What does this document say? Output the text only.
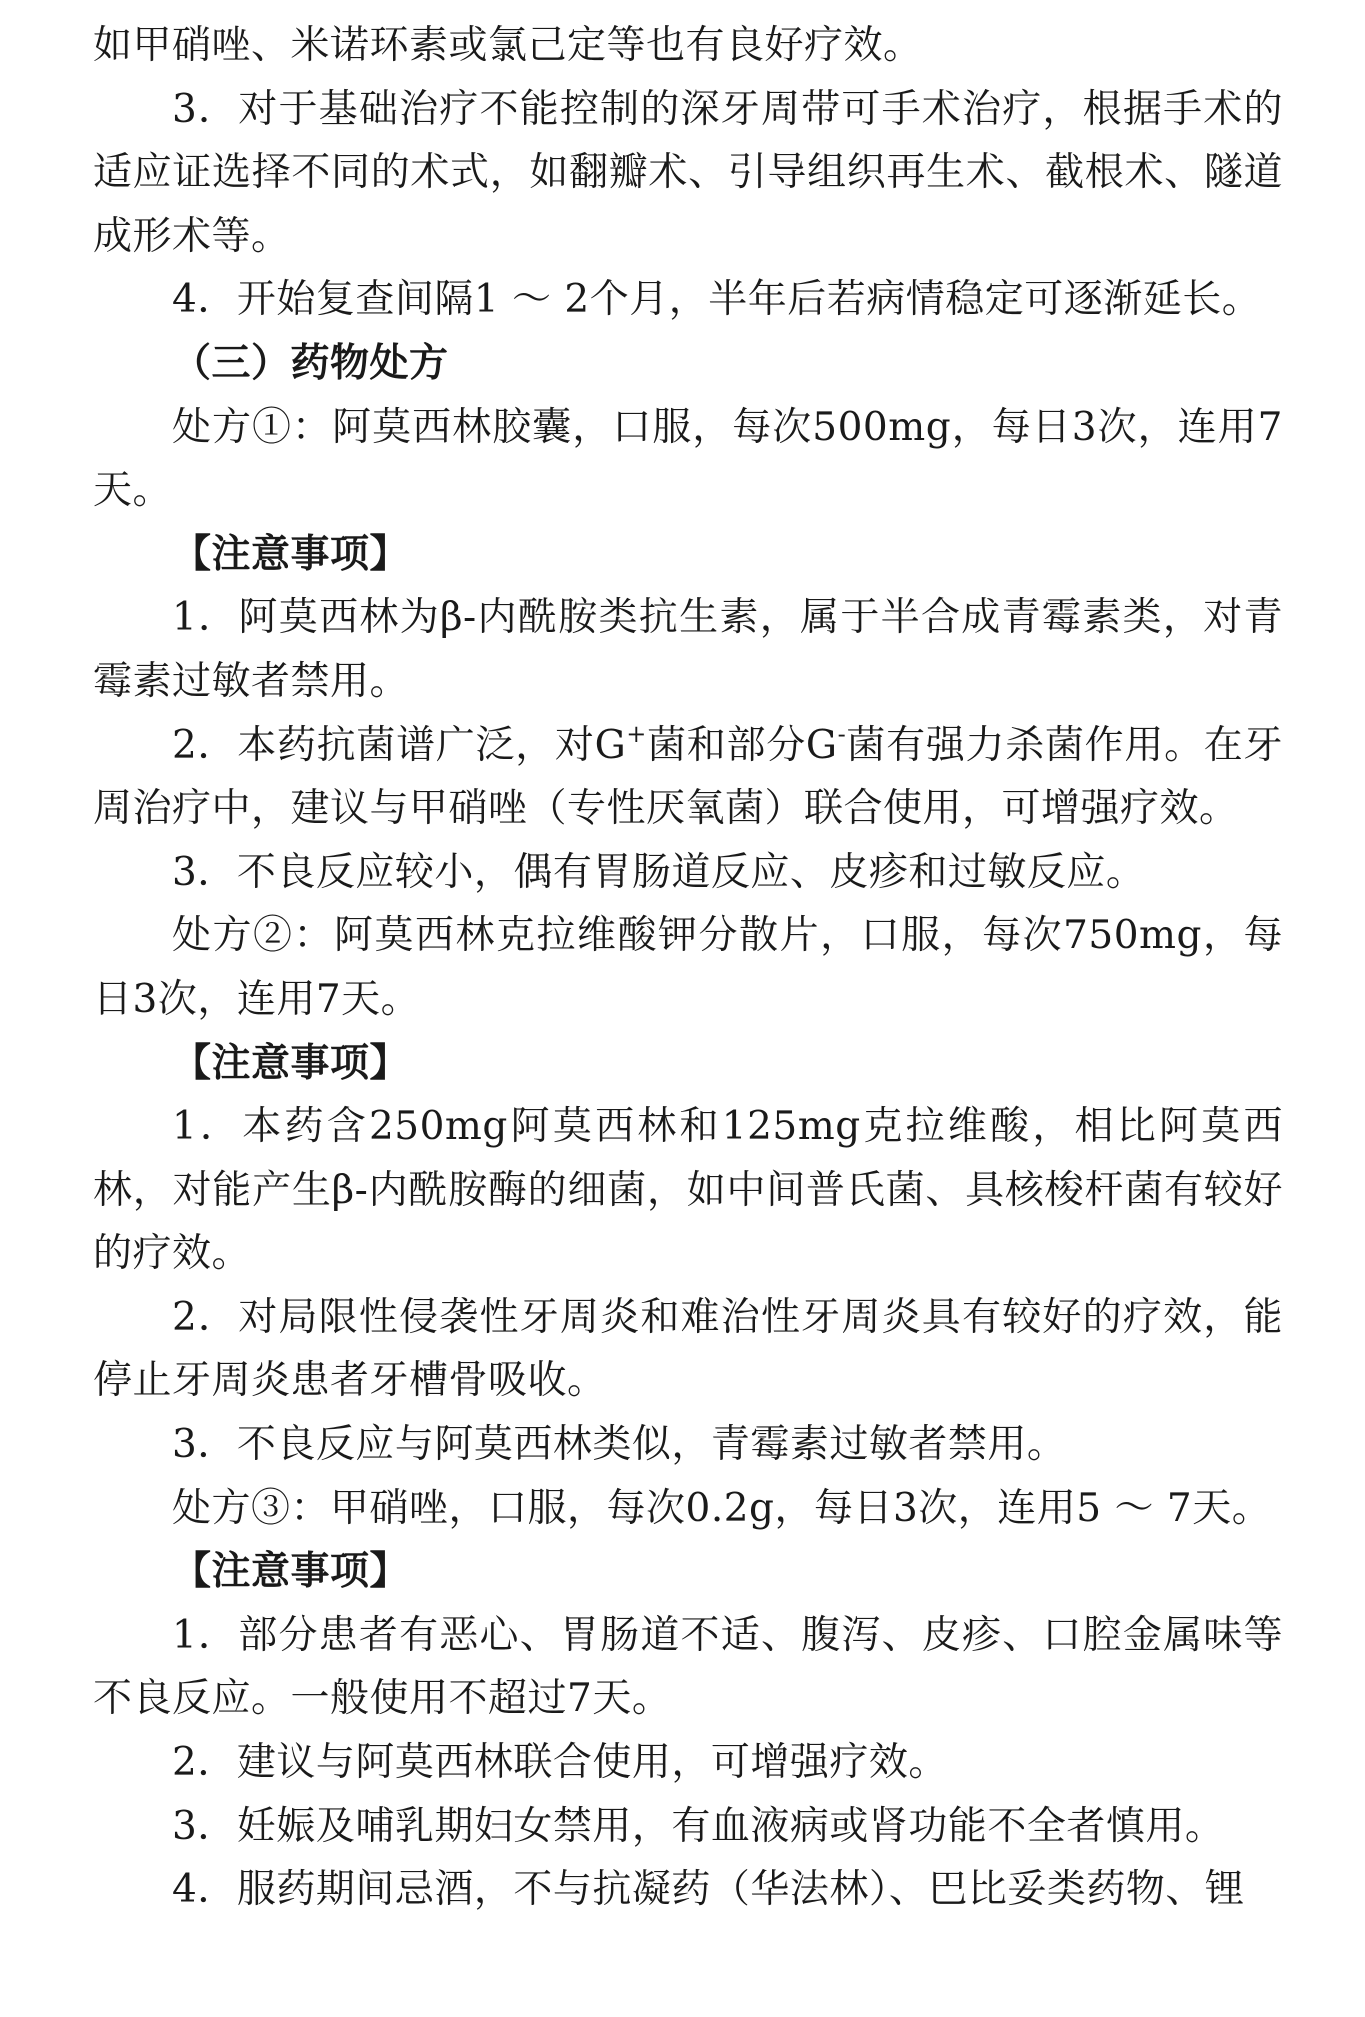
如甲硝唑、米诺环素或氯己定等也有良好疗效。

3．对于基础治疗不能控制的深牙周带可手术治疗，根据手术的适应证选择不同的术式，如翻瓣术、引导组织再生术、截根术、隧道成形术等。

4．开始复查间隔1 ～ 2个月，半年后若病情稳定可逐渐延长。

（三）药物处方

处方①：阿莫西林胶囊，口服，每次500mg，每日3次，连用7天。

【注意事项】

1．阿莫西林为β-内酰胺类抗生素，属于半合成青霉素类，对青霉素过敏者禁用。

2．本药抗菌谱广泛，对G+菌和部分G-菌有强力杀菌作用。在牙周治疗中，建议与甲硝唑（专性厌氧菌）联合使用，可增强疗效。

3．不良反应较小，偶有胃肠道反应、皮疹和过敏反应。

处方②：阿莫西林克拉维酸钾分散片，口服，每次750mg，每日3次，连用7天。

【注意事项】

1．本药含250mg阿莫西林和125mg克拉维酸，相比阿莫西林，对能产生β-内酰胺酶的细菌，如中间普氏菌、具核梭杆菌有较好的疗效。

2．对局限性侵袭性牙周炎和难治性牙周炎具有较好的疗效，能停止牙周炎患者牙槽骨吸收。

3．不良反应与阿莫西林类似，青霉素过敏者禁用。

处方③：甲硝唑，口服，每次0.2g，每日3次，连用5 ～ 7天。

【注意事项】

1．部分患者有恶心、胃肠道不适、腹泻、皮疹、口腔金属味等不良反应。一般使用不超过7天。

2．建议与阿莫西林联合使用，可增强疗效。

3．妊娠及哺乳期妇女禁用，有血液病或肾功能不全者慎用。

4．服药期间忌酒，不与抗凝药（华法林）、巴比妥类药物、锂
